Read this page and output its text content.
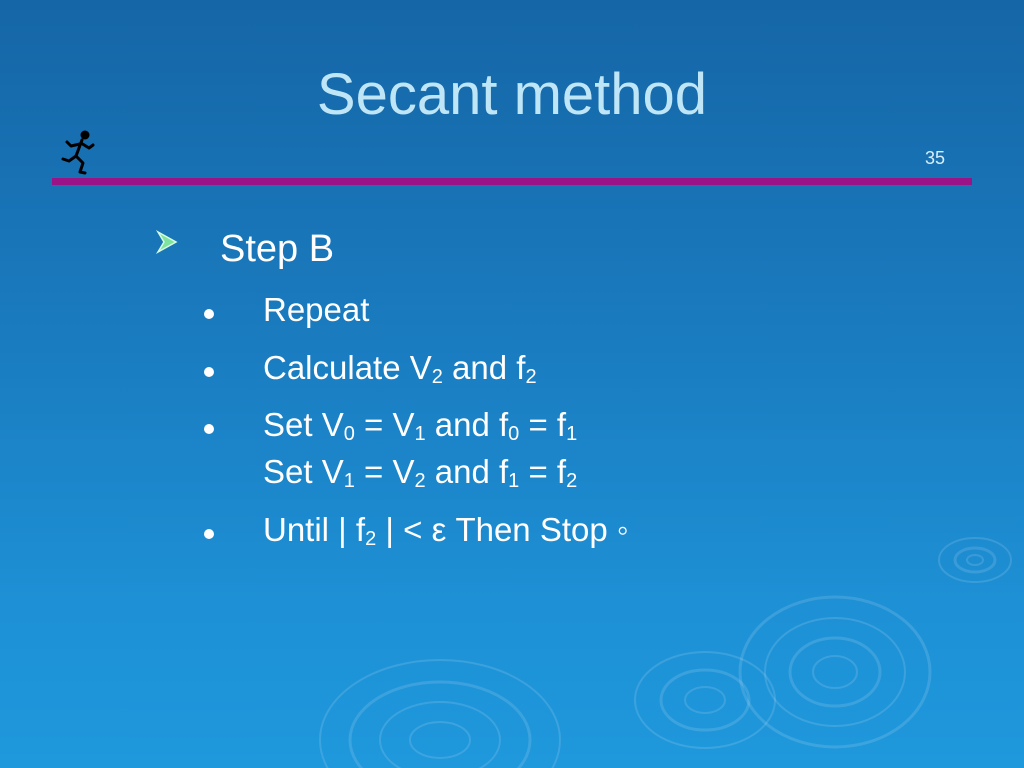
Secant method
35
Step B
Repeat
Calculate $V_2$ and $f_2$
Set $V_0 = V_1$ and $f_0 = f_1$
Set $V_1 = V_2$ and $f_1 = f_2$
Until | $f_2$ | < ε Then Stop ◦
